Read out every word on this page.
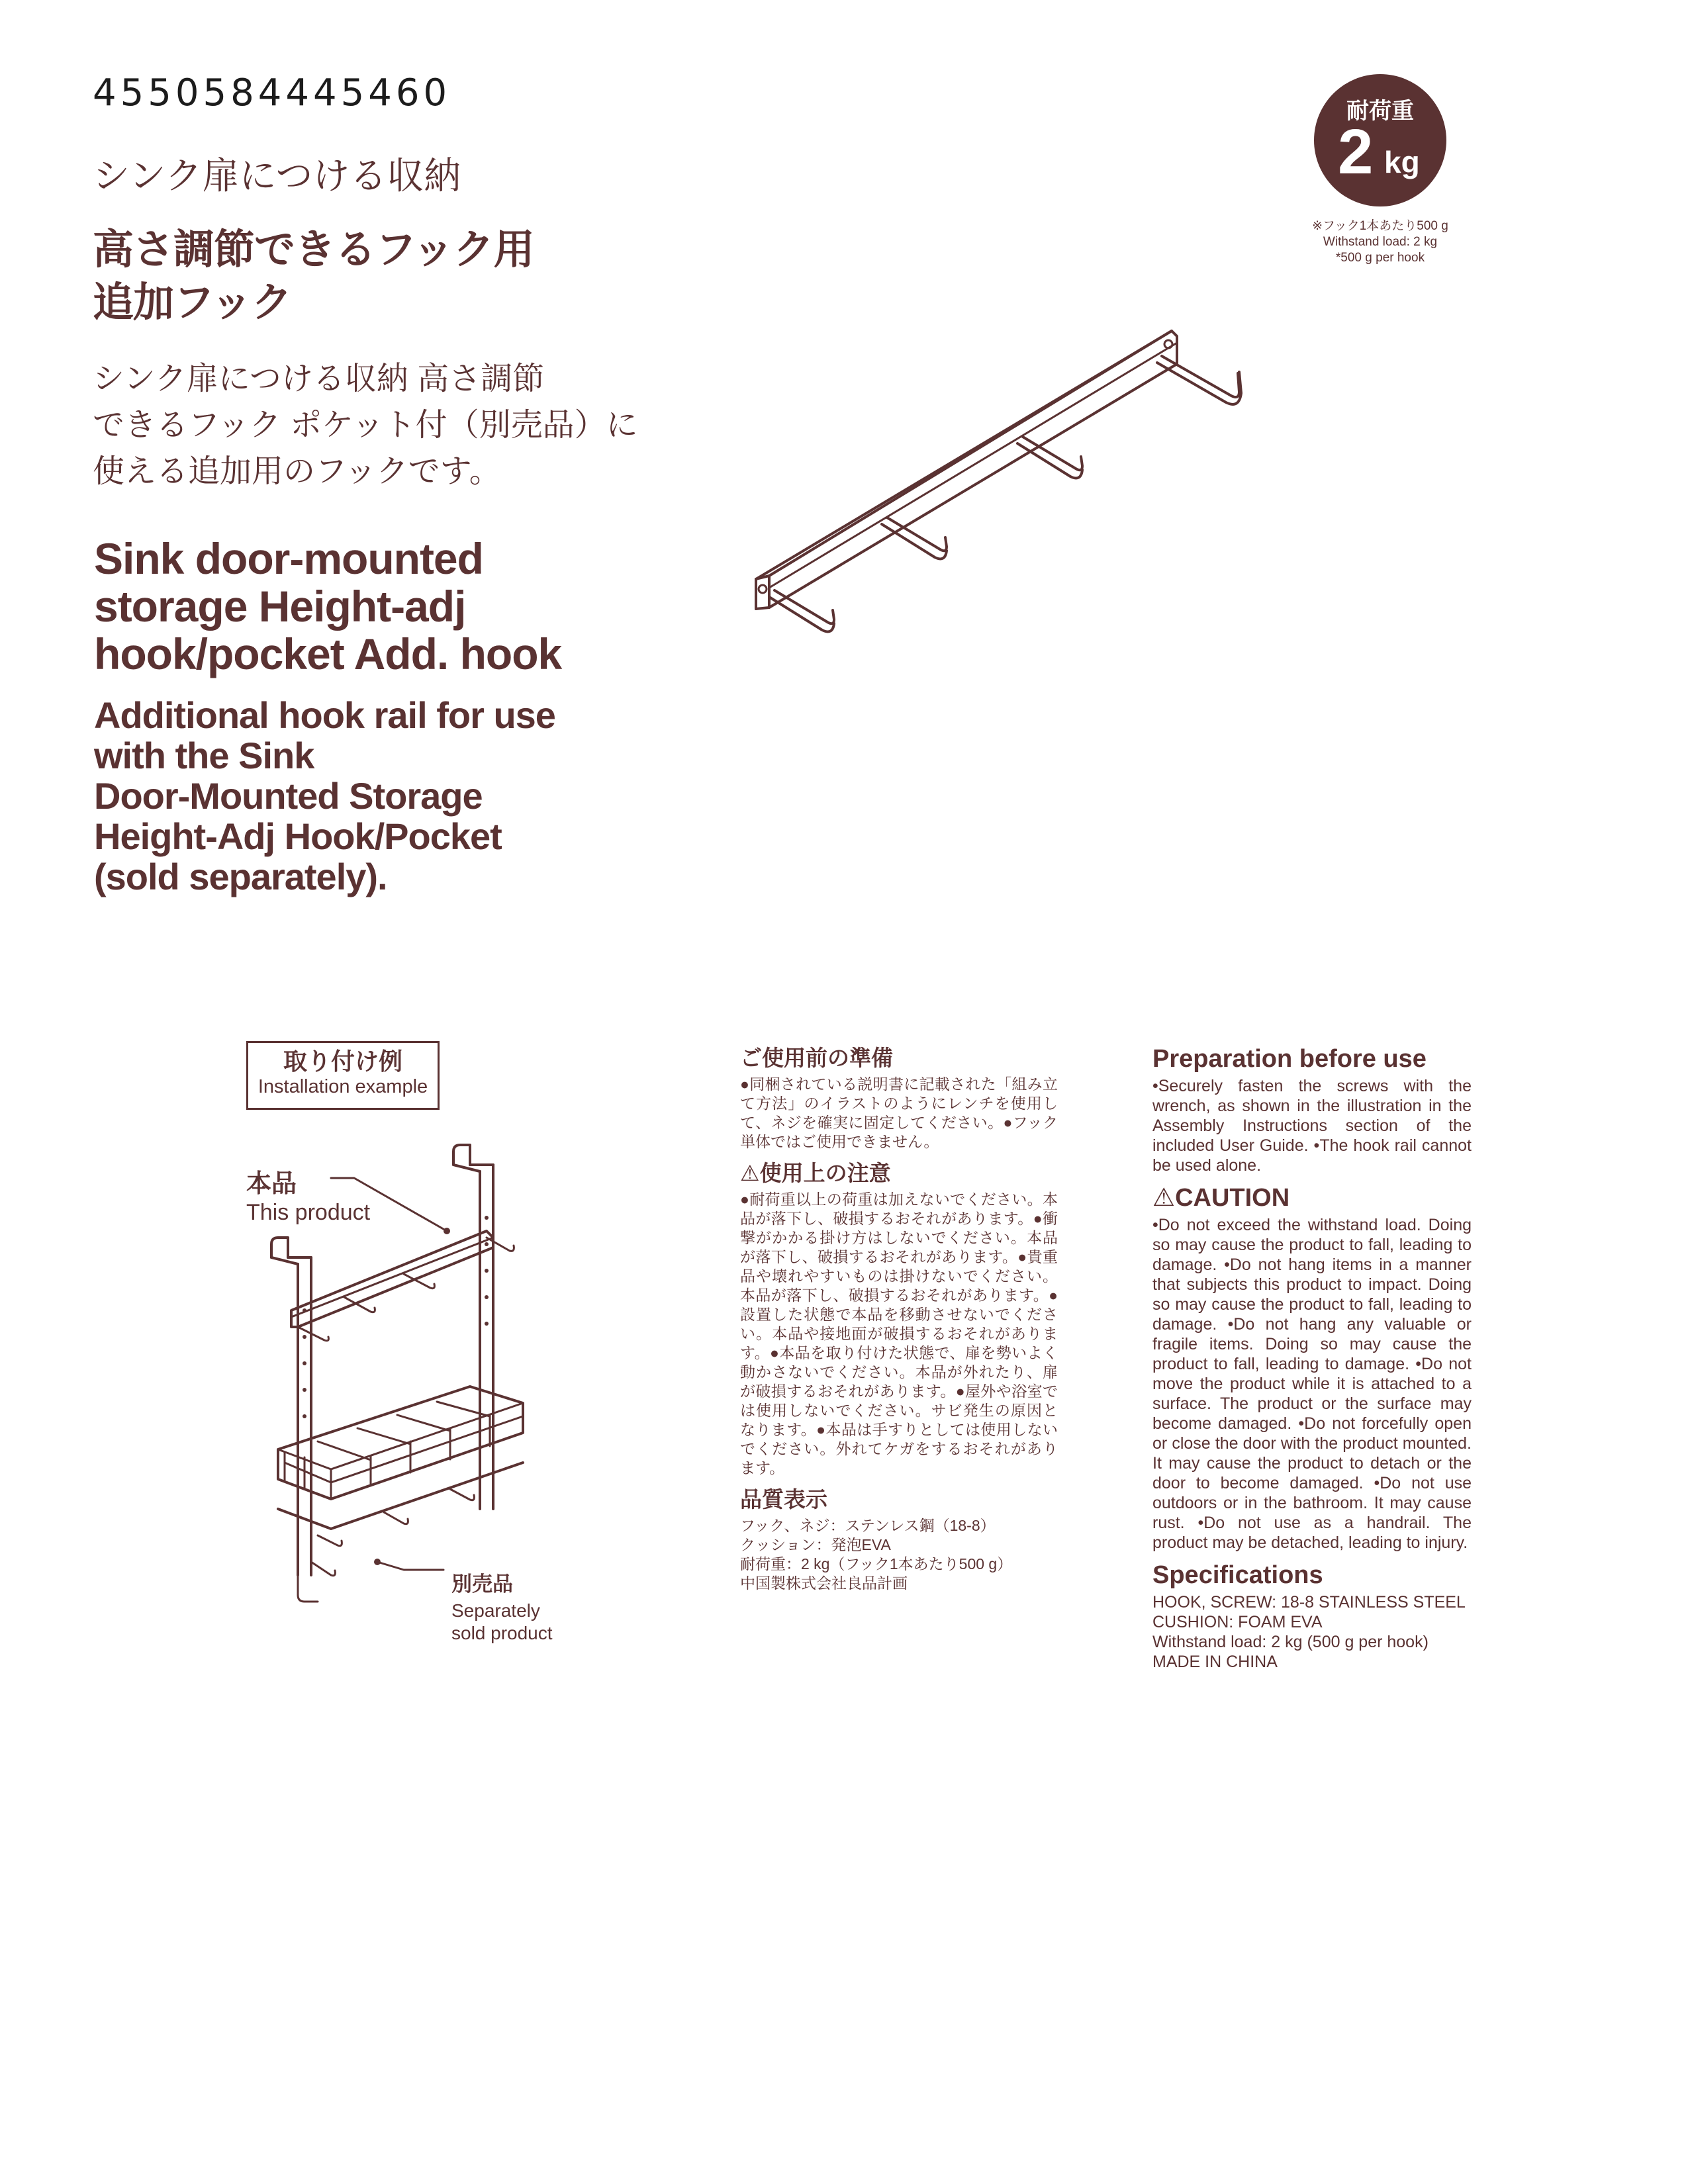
4550584445460
シンク扉につける収納
高さ調節できるフック用
追加フック
シンク扉につける収納 高さ調節
できるフック ポケット付（別売品）に
使える追加用のフックです。
Sink door-mounted
storage Height-adj
hook/pocket Add. hook
Additional hook rail for use
with the Sink
Door-Mounted Storage
Height-Adj Hook/Pocket
(sold separately).
耐荷重
2 kg
※フック1本あたり500 g
Withstand load: 2 kg
*500 g per hook
取り付け例
Installation example
本品
This product
別売品
Separately
sold product
ご使用前の準備

●同梱されている説明書に記載された「組み立て方法」のイラストのようにレンチを使用して、ネジを確実に固定してください。●フック単体ではご使用できません。

⚠使用上の注意

●耐荷重以上の荷重は加えないでください。本品が落下し、破損するおそれがあります。●衝撃がかかる掛け方はしないでください。本品が落下し、破損するおそれがあります。●貴重品や壊れやすいものは掛けないでください。本品が落下し、破損するおそれがあります。●設置した状態で本品を移動させないでください。本品や接地面が破損するおそれがあります。●本品を取り付けた状態で、扉を勢いよく動かさないでください。本品が外れたり、扉が破損するおそれがあります。●屋外や浴室では使用しないでください。サビ発生の原因となります。●本品は手すりとしては使用しないでください。外れてケガをするおそれがあります。

品質表示
フック、ネジ：ステンレス鋼（18-8）
クッション：発泡EVA
耐荷重：2 kg（フック1本あたり500 g）
中国製株式会社良品計画
Preparation before use

•Securely fasten the screws with the wrench, as shown in the illustration in the Assembly Instructions section of the included User Guide. •The hook rail cannot be used alone.

⚠CAUTION

•Do not exceed the withstand load. Doing so may cause the product to fall, leading to damage. •Do not hang items in a manner that subjects this product to impact. Doing so may cause the product to fall, leading to damage. •Do not hang any valuable or fragile items. Doing so may cause the product to fall, leading to damage. •Do not move the product while it is attached to a surface. The product or the surface may become damaged. •Do not forcefully open or close the door with the product mounted. It may cause the product to detach or the door to become damaged. •Do not use outdoors or in the bathroom. It may cause rust. •Do not use as a handrail. The product may be detached, leading to injury.

Specifications
HOOK, SCREW: 18-8 STAINLESS STEEL
CUSHION: FOAM EVA
Withstand load: 2 kg (500 g per hook)
MADE IN CHINA
